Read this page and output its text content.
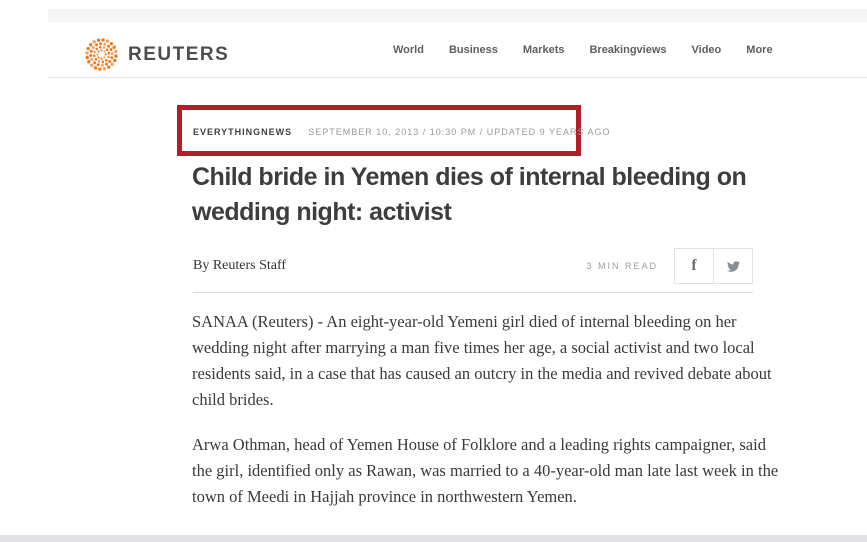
REUTERS	World Business Markets Breakingviews Video More
EVERYTHINGNEWS SEPTEMBER 10, 2013 / 10:30 PM / UPDATED 9 YEARS AGO
Child bride in Yemen dies of internal bleeding on wedding night: activist
By Reuters Staff	3 MIN READ f

SANAA (Reuters) - An eight-year-old Yemeni girl died of internal bleeding on her wedding night after marrying a man five times her age, a social activist and two local residents said, in a case that has caused an outcry in the media and revived debate about child brides.

Arwa Othman, head of Yemen House of Folklore and a leading rights campaigner, said the girl, identified only as Rawan, was married to a 40-year-old man late last week in the town of Meedi in Hajjah province in northwestern Yemen.
